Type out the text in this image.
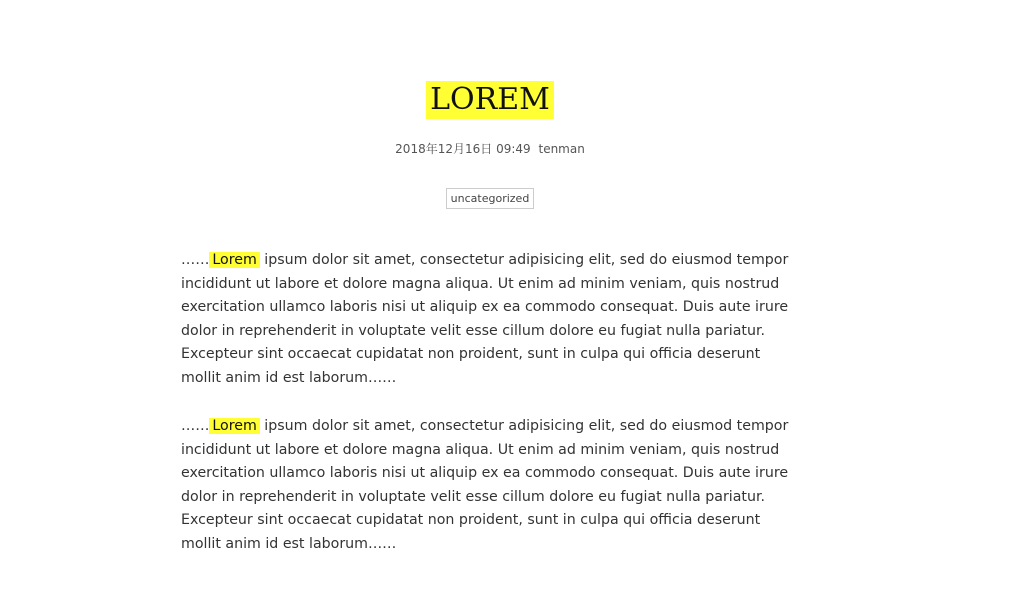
LOREM
2018年12月16日 09:49 tenman
uncategorized

…… Lorem ipsum dolor sit amet, consectetur adipisicing elit, sed do eiusmod tempor incididunt ut labore et dolore magna aliqua. Ut enim ad minim veniam, quis nostrud exercitation ullamco laboris nisi ut aliquip ex ea commodo consequat. Duis aute irure dolor in reprehenderit in voluptate velit esse cillum dolore eu fugiat nulla pariatur. Excepteur sint occaecat cupidatat non proident, sunt in culpa qui officia deserunt mollit anim id est laborum……

…… Lorem ipsum dolor sit amet, consectetur adipisicing elit, sed do eiusmod tempor incididunt ut labore et dolore magna aliqua. Ut enim ad minim veniam, quis nostrud exercitation ullamco laboris nisi ut aliquip ex ea commodo consequat. Duis aute irure dolor in reprehenderit in voluptate velit esse cillum dolore eu fugiat nulla pariatur. Excepteur sint occaecat cupidatat non proident, sunt in culpa qui officia deserunt mollit anim id est laborum……
